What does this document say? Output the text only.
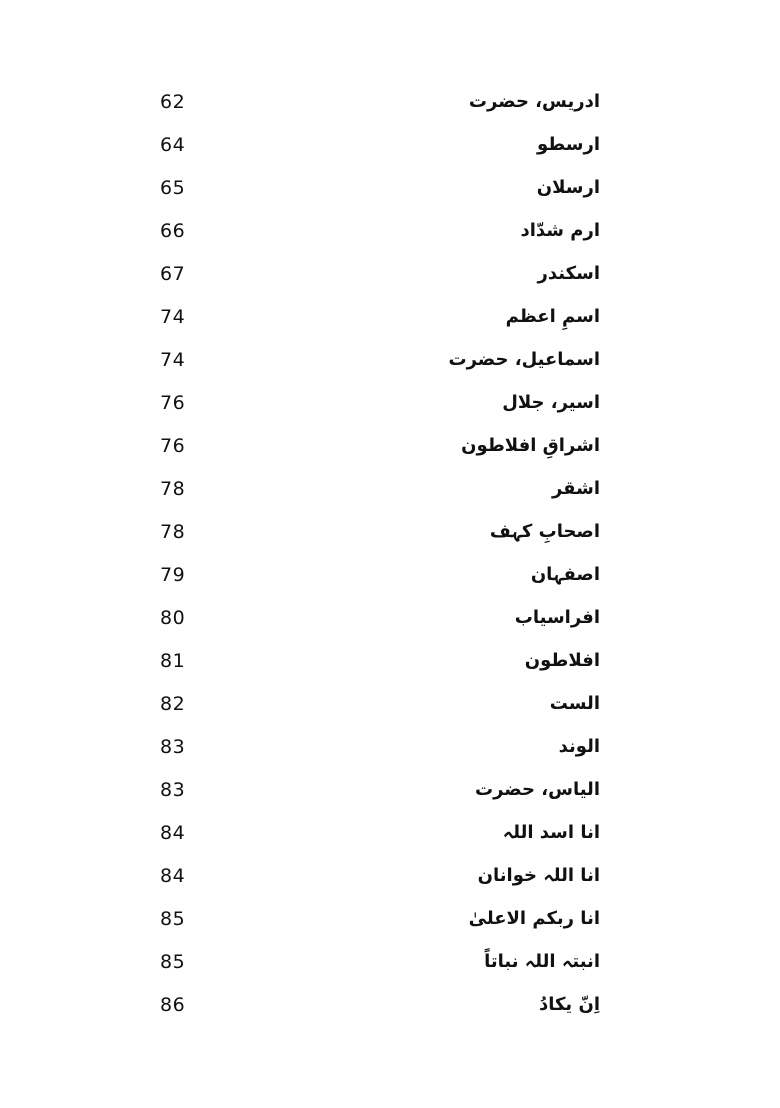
62	ادریس، حضرت
64	ارسطو
65	ارسلان
66	ارم شدّاد
67	اسکندر
74	اسمِ اعظم
74	اسماعیل، حضرت
76	اسیر، جلال
76	اشراقِ افلاطون
78	اشقر
78	اصحابِ کہف
79	اصفہان
80	افراسیاب
81	افلاطون
82	الست
83	الوند
83	الیاس، حضرت
84	انا اسد اللہ
84	انا اللہ خوانان
85	انا ربکم الاعلیٰ
85	انبتہ اللہ نباتاً
86	اِنّ یکادُ
